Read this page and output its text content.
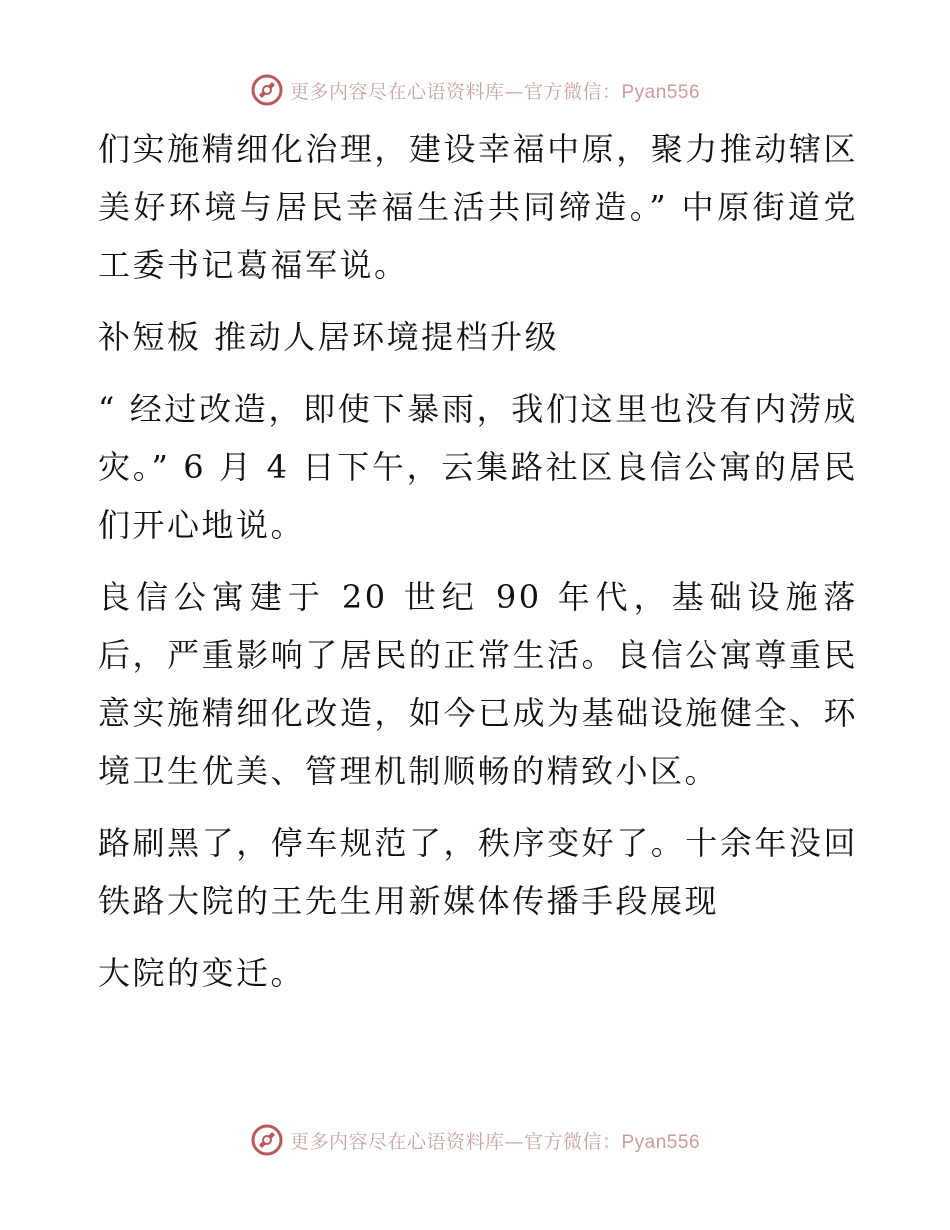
更多内容尽在心语资料库—官方微信：Pyan556

们实施精细化治理，建设幸福中原，聚力推动辖区美好环境与居民幸福生活共同缔造。” 中原街道党工委书记葛福军说。

补短板 推动人居环境提档升级

“ 经过改造，即使下暴雨，我们这里也没有内涝成灾。” 6 月 4 日下午，云集路社区良信公寓的居民们开心地说。

良信公寓建于 20 世纪 90 年代，基础设施落后，严重影响了居民的正常生活。良信公寓尊重民意实施精细化改造，如今已成为基础设施健全、环境卫生优美、管理机制顺畅的精致小区。

路刷黑了，停车规范了，秩序变好了。十余年没回铁路大院的王先生用新媒体传播手段展现

大院的变迁。

更多内容尽在心语资料库—官方微信：Pyan556
